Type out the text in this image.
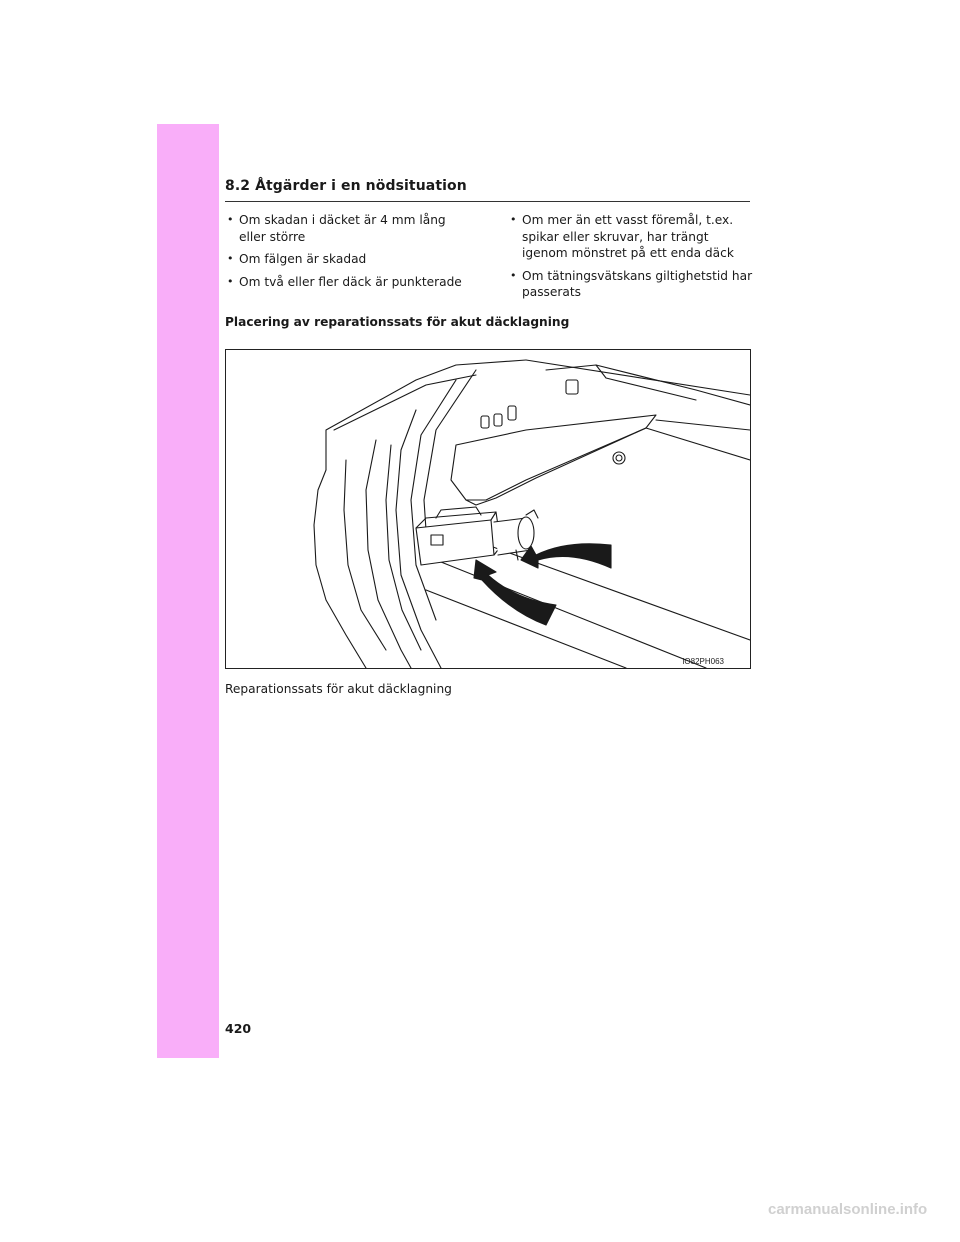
8.2 Åtgärder i en nödsituation
• Om skadan i däcket är 4 mm lång eller större
• Om fälgen är skadad
• Om två eller fler däck är punkterade
• Om mer än ett vasst föremål, t.ex. spikar eller skruvar, har trängt igenom mönstret på ett enda däck
• Om tätningsvätskans giltighetstid har passerats
Placering av reparationssats för akut däcklagning
IO82PH063
Reparationssats för akut däcklagning
420
carmanualsonline.info
